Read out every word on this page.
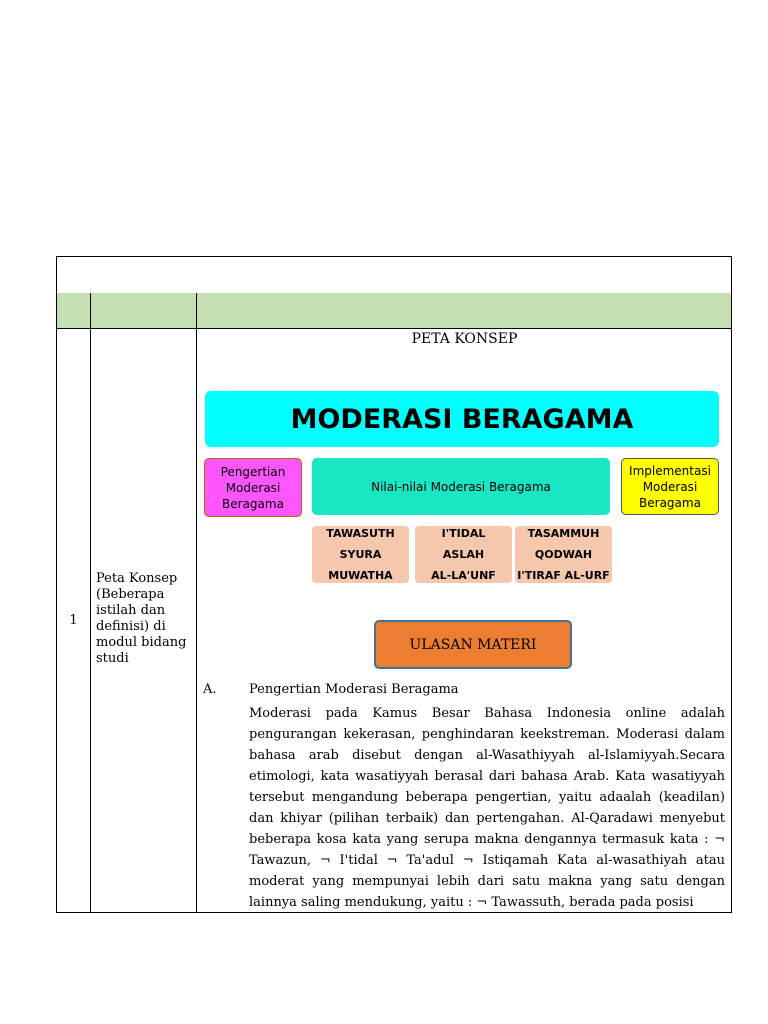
1
Peta Konsep (Beberapa istilah dan definisi) di modul bidang studi
PETA KONSEP
MODERASI BERAGAMA
Pengertian Moderasi Beragama
Nilai-nilai Moderasi Beragama
Implementasi Moderasi Beragama
TAWASUTH
SYURA
MUWATHA
I'TIDAL
ASLAH
AL-LA'UNF
TASAMMUH
QODWAH
I'TIRAF AL-URF
ULASAN MATERI
A. Pengertian Moderasi Beragama
Moderasi pada Kamus Besar Bahasa Indonesia online adalah pengurangan kekerasan, penghindaran keekstreman. Moderasi dalam bahasa arab disebut dengan al-Wasathiyyah al-Islamiyyah.Secara etimologi, kata wasatiyyah berasal dari bahasa Arab. Kata wasatiyyah tersebut mengandung beberapa pengertian, yaitu adaalah (keadilan) dan khiyar (pilihan terbaik) dan pertengahan. Al-Qaradawi menyebut beberapa kosa kata yang serupa makna dengannya termasuk kata : ¬ Tawazun, ¬ I'tidal ¬ Ta'adul ¬ Istiqamah Kata al-wasathiyah atau moderat yang mempunyai lebih dari satu makna yang satu dengan lainnya saling mendukung, yaitu : ¬ Tawassuth, berada pada posisi
